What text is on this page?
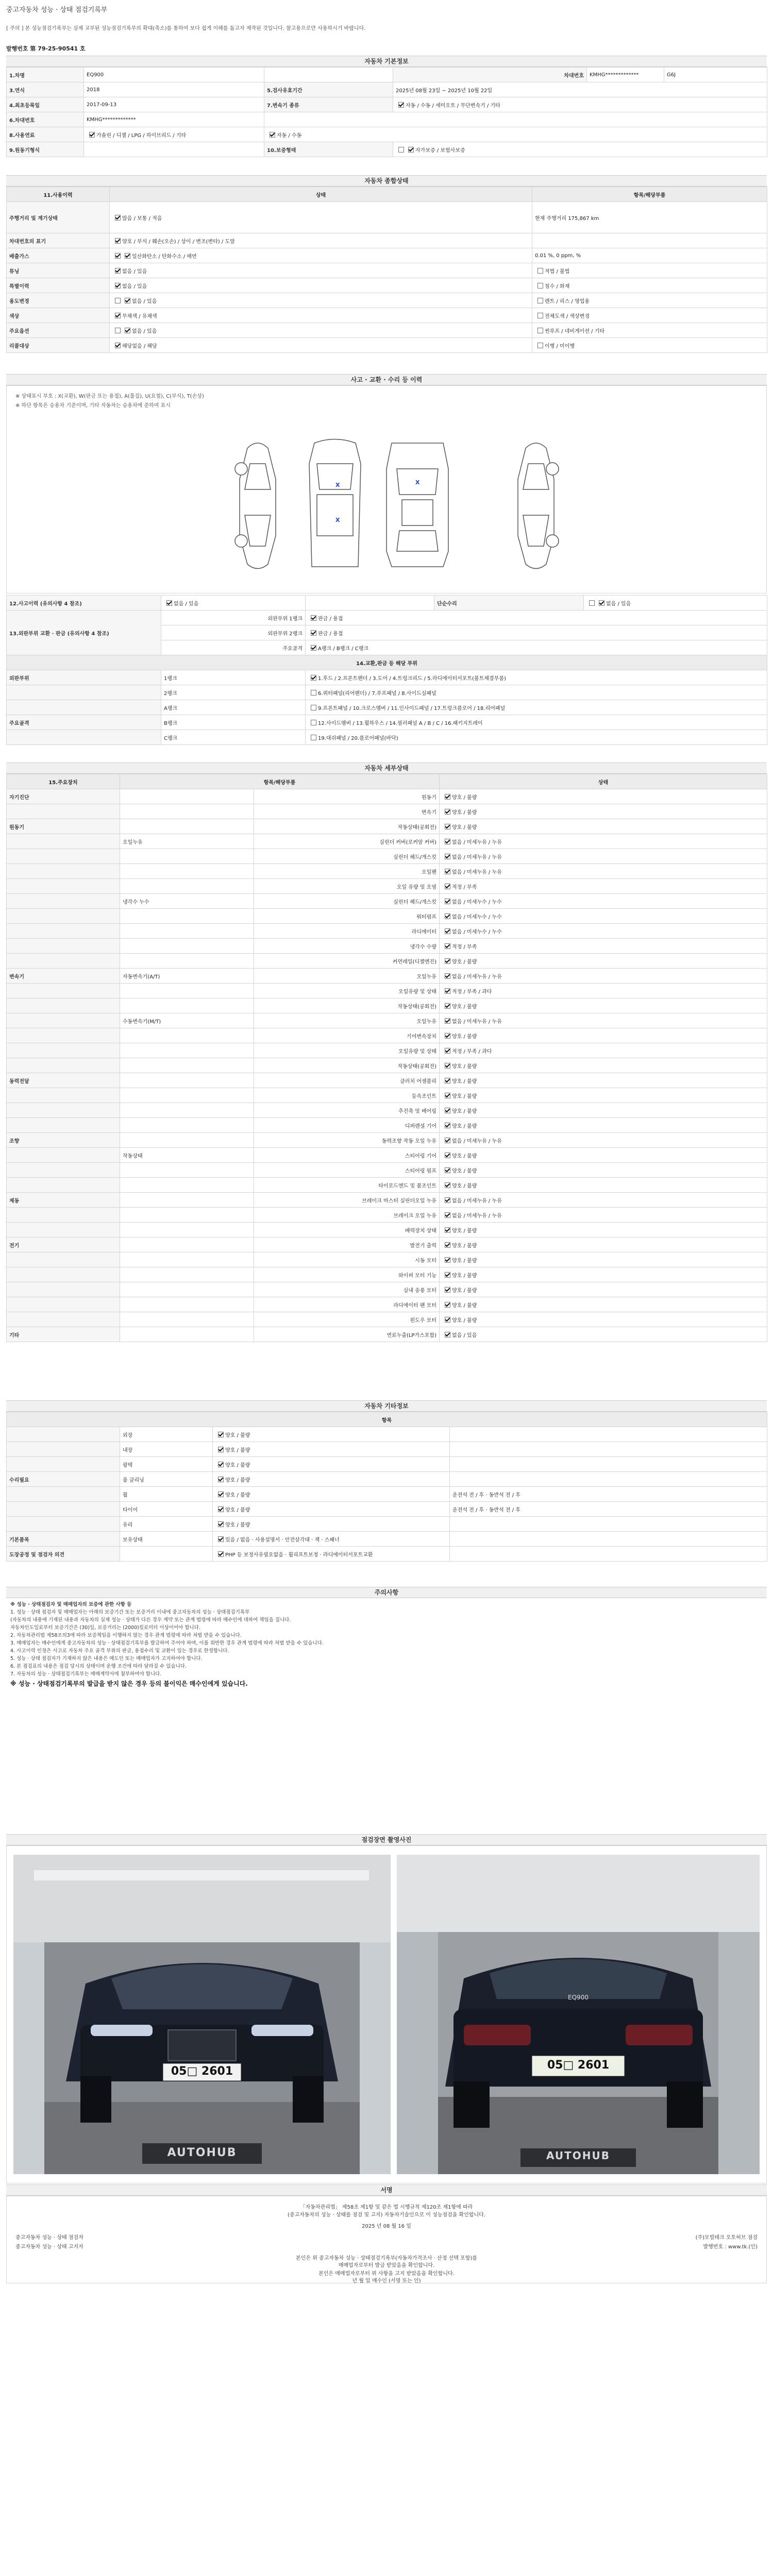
중고자동차 성능 · 상태 점검기록부
[ 주의 ] 본 성능점검기록부는 실제 교부된 성능점검기록부의 확대(축소)를 통하여 보다 쉽게 이해를 돕고자 제작된 것입니다. 참고용으로만 사용하시기 바랍니다.
발행번호 第 79-25-90541 호
자동차 기본정보
1.차명	EQ900		차대번호	KMHG*************	G6J
3.연식	2018	5.검사유효기간	2025년 08월 23일 ~ 2025년 10월 22일		
4.최초등록일	2017-09-13	7.변속기 종류	자동 / 수동 / 세미오토 / 무단변속기 / 기타		
6.차대번호	KMHG*************				
8.사용연료	가솔린 / 디젤 / LPG / 하이브리드 / 기타	자동 / 수동			
9.원동기형식		10.보증형태	자가보증 / 보험사보증		
자동차 종합상태
11.사용이력	상태	항목/해당부품
주행거리 및 계기상태	많음 / 보통 / 적음	현재 주행거리 175,867 km
차대번호의 표기	양호 / 부식 / 훼손(오손) / 상이 / 변조(변타) / 도말	
배출가스	일산화탄소 / 탄화수소 / 매연	0.01 %, 0 ppm, %
튜닝	없음 / 있음	적법 / 불법
특별이력	없음 / 있음	침수 / 화재
용도변경	없음 / 있음	렌트 / 리스 / 영업용
색상	무채색 / 유채색	전체도색 / 색상변경
주요옵션	없음 / 있음	썬루프 / 네비게이션 / 기타
리콜대상	해당없음 / 해당	이행 / 미이행
사고 · 교환 · 수리 등 이력
※ 상태표시 부호 : X(교환), W(판금 또는 용접), A(흠집), U(요철), C(부식), T(손상)
※ 하단 항목은 승용차 기준이며, 기타 자동차는 승용차에 준하여 표시
X
X
X
12.사고이력 (유의사항 4 참조)	없음 / 있음		단순수리	없음 / 있음
13.외판부위 교환 · 판금 (유의사항 4 참조)	외판부위 1랭크	판금 / 용접		
	외판부위 2랭크	판금 / 용접		
	주요골격	A랭크 / B랭크 / C랭크		
14.교환,판금 등 해당 부위				
외판부위	1랭크	1.후드 / 2.프론트펜더 / 3.도어 / 4.트렁크리드 / 5.라디에이터서포트(볼트체결부품)		
	2랭크	6.쿼터패널(리어펜더) / 7.루프패널 / 8.사이드실패널		
	A랭크	9.프론트패널 / 10.크로스멤버 / 11.인사이드패널 / 17.트렁크플로어 / 18.리어패널		
주요골격	B랭크	12.사이드멤버 / 13.휠하우스 / 14.필러패널 A / B / C / 16.패키지트레이		
	C랭크	19.대쉬패널 / 20.플로어패널(바닥)		
자동차 세부상태
15.주요장치	항목/해당부품		상태
자기진단		원동기	양호 / 불량
		변속기	양호 / 불량
원동기		작동상태(공회전)	양호 / 불량
	오일누유	실린더 커버(로커암 커버)	없음 / 미세누유 / 누유
		실린더 헤드/개스킷	없음 / 미세누유 / 누유
		오일팬	없음 / 미세누유 / 누유
		오일 유량 및 오염	적정 / 부족
	냉각수 누수	실린더 헤드/개스킷	없음 / 미세누수 / 누수
		워터펌프	없음 / 미세누수 / 누수
		라디에이터	없음 / 미세누수 / 누수
		냉각수 수량	적정 / 부족
		커먼레일(디젤엔진)	양호 / 불량
변속기	자동변속기(A/T)	오일누유	없음 / 미세누유 / 누유
		오일유량 및 상태	적정 / 부족 / 과다
		작동상태(공회전)	양호 / 불량
	수동변속기(M/T)	오일누유	없음 / 미세누유 / 누유
		기어변속장치	양호 / 불량
		오일유량 및 상태	적정 / 부족 / 과다
		작동상태(공회전)	양호 / 불량
동력전달		클러치 어셈블리	양호 / 불량
		등속조인트	양호 / 불량
		추진축 및 베어링	양호 / 불량
		디퍼렌셜 기어	양호 / 불량
조향		동력조향 작동 오일 누유	없음 / 미세누유 / 누유
	작동상태	스티어링 기어	양호 / 불량
		스티어링 펌프	양호 / 불량
		타이로드엔드 및 볼조인트	양호 / 불량
제동		브레이크 마스터 실린더오일 누유	없음 / 미세누유 / 누유
		브레이크 오일 누유	없음 / 미세누유 / 누유
		배력장치 상태	양호 / 불량
전기		발전기 출력	양호 / 불량
		시동 모터	양호 / 불량
		와이퍼 모터 기능	양호 / 불량
		실내 송풍 모터	양호 / 불량
		라디에이터 팬 모터	양호 / 불량
		윈도우 모터	양호 / 불량
기타		연료누출(LP가스포함)	없음 / 있음
자동차 기타정보
항목			
	외장	양호 / 불량	
	내장	양호 / 불량	
	광택	양호 / 불량	
수리필요	룸 클리닝	양호 / 불량	
	휠	양호 / 불량	운전석 전 / 후 · 동반석 전 / 후
	타이어	양호 / 불량	운전석 전 / 후 · 동반석 전 / 후
	유리	양호 / 불량	
기본품목	보유상태	있음 / 없음 · 사용설명서 · 안전삼각대 · 잭 · 스패너	
도장공정 및 점검자 의견		PHP 등 보정사유필요없음 · 휠리프트보정 · 라디에이터서포트교환	
주의사항

※ 성능 · 상태점검자 및 매매업자의 보증에 관한 사항 등

1. 성능 · 상태 점검자 및 매매업자는 아래의 보증기간 또는 보증거리 이내에 중고자동차의 성능 · 상태점검기록부

(자동차의 내용에 기재된 내용과 자동차의 실제 성능 · 상태가 다른 경우 계약 또는 관계 법령에 따라 매수인에 대하여 책임을 집니다.

자동차인도일로부터 보증기간은 (30)일, 보증거리는 (2000)킬로미터 이상이어야 합니다.

2. 자동차관리법 제58조의3에 따라 보증책임을 이행하지 않는 경우 관계 법령에 따라 처벌 받을 수 있습니다.

3. 매매업자는 매수인에게 중고자동차의 성능 · 상태점검기록부를 발급하여 주어야 하며, 이를 위반한 경우 관계 법령에 따라 처벌 받을 수 있습니다.

4. 사고이력 인정은 사고로 자동차 주요 골격 부위의 판금, 용접수리 및 교환이 있는 경우로 한정합니다.

5. 성능 · 상태 점검자가 기재하지 않은 내용은 매도인 또는 매매업자가 고지하여야 합니다.

6. 본 점검표의 내용은 점검 당시의 상태이며 운행 조건에 따라 달라질 수 있습니다.

7. 자동차의 성능 · 상태점검기록부는 매매계약서에 첨부하여야 합니다.

※ 성능 · 상태점검기록부의 발급을 받지 않은 경우 등의 불이익은 매수인에게 있습니다.

점검장면 촬영사진
05□ 2601
AUTOHUB
05□ 2601
EQ900
AUTOHUB
서명
「자동차관리법」 제58조 제1항 및 같은 법 시행규칙 제120조 제1항에 따라
(중고자동차의 성능 · 상태를 점검 및 고지) 자동차기술인으로 이 성능점검을 확인합니다.
2025 년 08 월 16 일
중고자동차 성능 · 상태 점검자
중고자동차 성능 · 상태 고지자
(주)모빌테크 오토허브 점검
발행번호 : www.tk.(인)
본인은 위 중고자동차 성능 · 상태점검기록부(자동차가격조사 · 산정 선택 포함)를
매매업자로부터 발급 받았음을 확인합니다.
본인은 매매업자로부터 위 사항을 고지 받았음을 확인합니다.
년 월 일 매수인 (서명 또는 인)
